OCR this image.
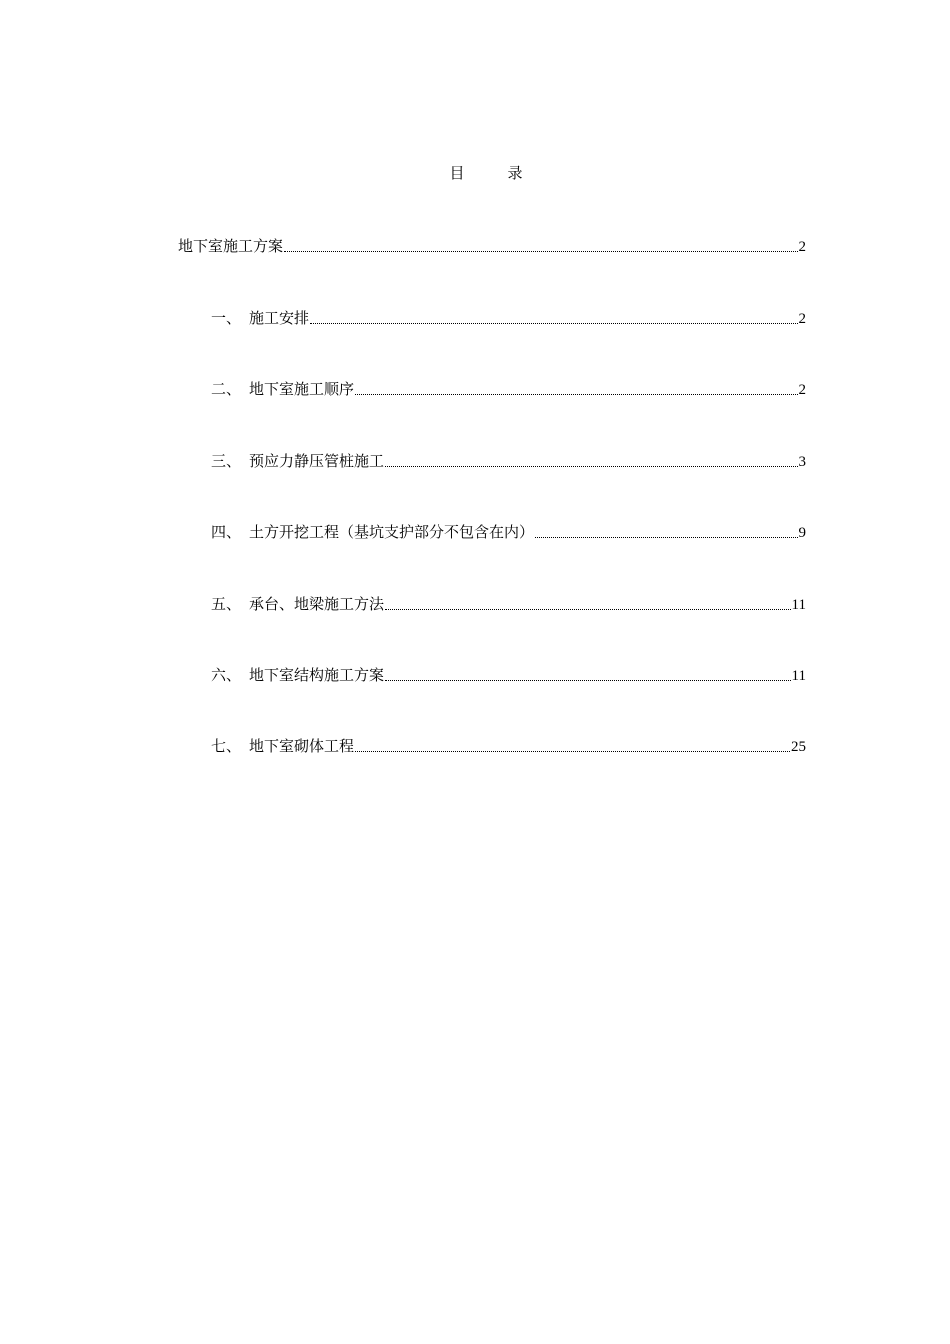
目　录
地下室施工方案	2
一、 施工安排	2
二、 地下室施工顺序	2
三、 预应力静压管桩施工	3
四、 土方开挖工程（基坑支护部分不包含在内）	9
五、 承台、地梁施工方法	11
六、 地下室结构施工方案	11
七、 地下室砌体工程	25
